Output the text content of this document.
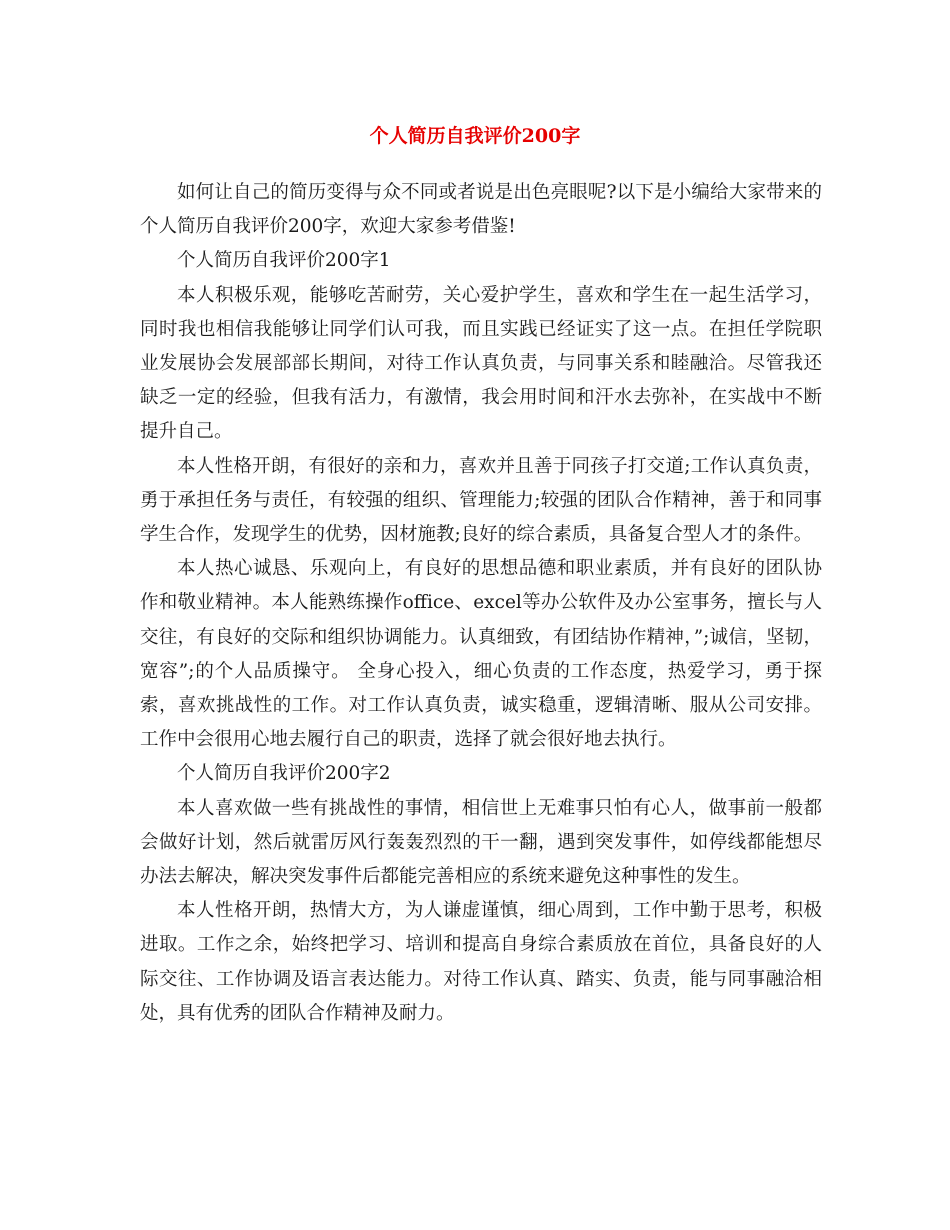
个人简历自我评价200字

如何让自己的简历变得与众不同或者说是出色亮眼呢?以下是小编给大家带来的个人简历自我评价200字，欢迎大家参考借鉴!

个人简历自我评价200字1

本人积极乐观，能够吃苦耐劳，关心爱护学生，喜欢和学生在一起生活学习，同时我也相信我能够让同学们认可我，而且实践已经证实了这一点。在担任学院职业发展协会发展部部长期间，对待工作认真负责，与同事关系和睦融洽。尽管我还缺乏一定的经验，但我有活力，有激情，我会用时间和汗水去弥补，在实战中不断提升自己。

本人性格开朗，有很好的亲和力，喜欢并且善于同孩子打交道;工作认真负责，勇于承担任务与责任，有较强的组织、管理能力;较强的团队合作精神，善于和同事学生合作，发现学生的优势，因材施教;良好的综合素质，具备复合型人才的条件。

本人热心诚恳、乐观向上，有良好的思想品德和职业素质，并有良好的团队协作和敬业精神。本人能熟练操作office、excel等办公软件及办公室事务，擅长与人交往，有良好的交际和组织协调能力。认真细致，有团结协作精神，”;诚信，坚韧，宽容”;的个人品质操守。 全身心投入，细心负责的工作态度，热爱学习，勇于探索，喜欢挑战性的工作。对工作认真负责，诚实稳重，逻辑清晰、服从公司安排。工作中会很用心地去履行自己的职责，选择了就会很好地去执行。

个人简历自我评价200字2

本人喜欢做一些有挑战性的事情，相信世上无难事只怕有心人，做事前一般都会做好计划，然后就雷厉风行轰轰烈烈的干一翻，遇到突发事件，如停线都能想尽办法去解决，解决突发事件后都能完善相应的系统来避免这种事性的发生。

本人性格开朗，热情大方，为人谦虚谨慎，细心周到，工作中勤于思考，积极进取。工作之余，始终把学习、培训和提高自身综合素质放在首位，具备良好的人际交往、工作协调及语言表达能力。对待工作认真、踏实、负责，能与同事融洽相处，具有优秀的团队合作精神及耐力。
